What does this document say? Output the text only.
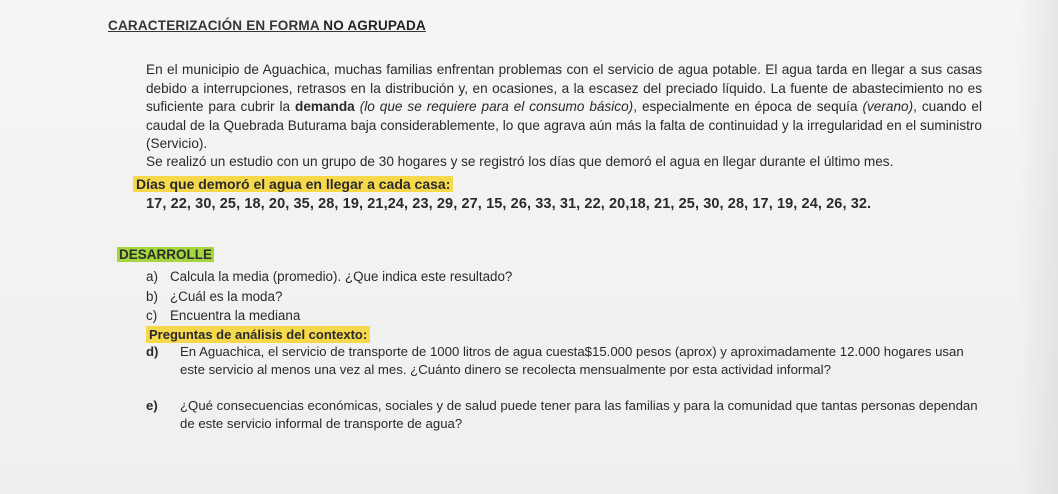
CARACTERIZACIÓN EN FORMA NO AGRUPADA
En el municipio de Aguachica, muchas familias enfrentan problemas con el servicio de agua potable. El agua tarda en llegar a sus casas debido a interrupciones, retrasos en la distribución y, en ocasiones, a la escasez del preciado líquido. La fuente de abastecimiento no es suficiente para cubrir la demanda (lo que se requiere para el consumo básico), especialmente en época de sequía (verano), cuando el caudal de la Quebrada Buturama baja considerablemente, lo que agrava aún más la falta de continuidad y la irregularidad en el suministro (Servicio).
Se realizó un estudio con un grupo de 30 hogares y se registró los días que demoró el agua en llegar durante el último mes.
Días que demoró el agua en llegar a cada casa:
17, 22, 30, 25, 18, 20, 35, 28, 19, 21,24, 23, 29, 27, 15, 26, 33, 31, 22, 20,18, 21, 25, 30, 28, 17, 19, 24, 26, 32.
DESARROLLE
a) Calcula la media (promedio). ¿Que indica este resultado?
b) ¿Cuál es la moda?
c) Encuentra la mediana
Preguntas de análisis del contexto:
d) En Aguachica, el servicio de transporte de 1000 litros de agua cuesta$15.000 pesos (aprox) y aproximadamente 12.000 hogares usan este servicio al menos una vez al mes. ¿Cuánto dinero se recolecta mensualmente por esta actividad informal?
e) ¿Qué consecuencias económicas, sociales y de salud puede tener para las familias y para la comunidad que tantas personas dependan de este servicio informal de transporte de agua?
